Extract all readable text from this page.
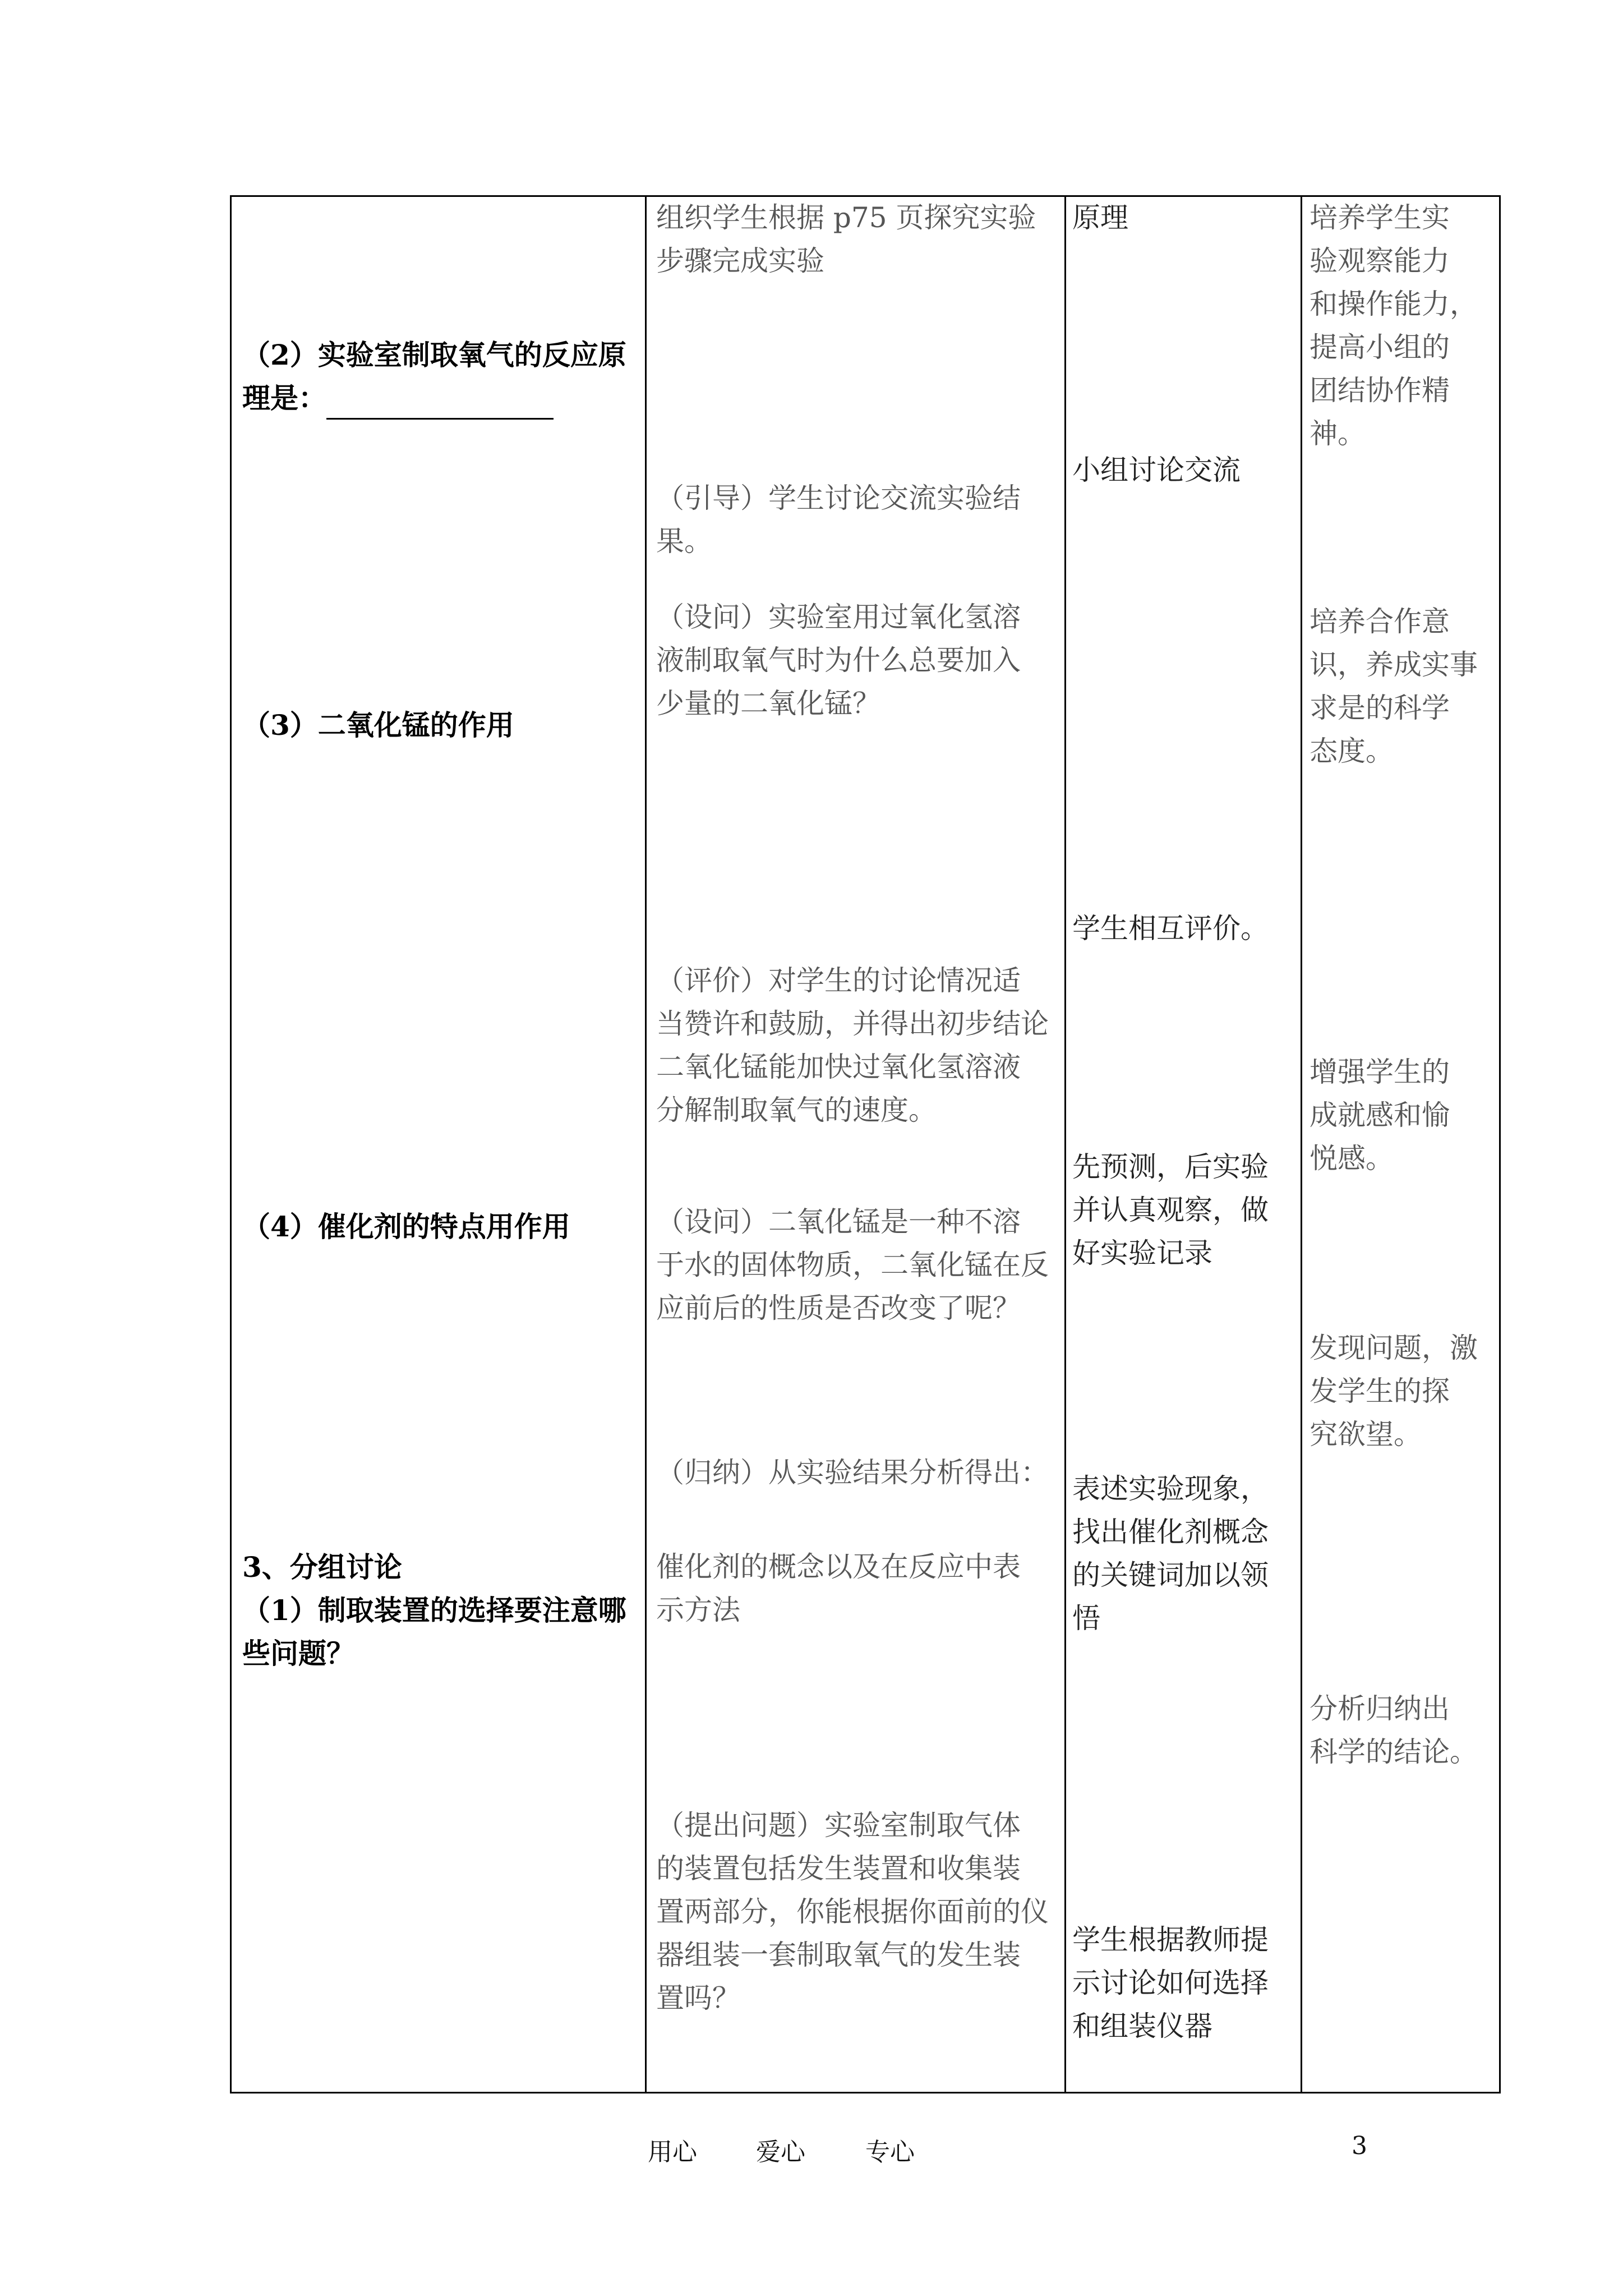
（2）实验室制取氧气的反应原
理是：
（3）二氧化锰的作用
（4）催化剂的特点用作用
3、分组讨论
（1）制取装置的选择要注意哪
些问题？
组织学生根据 p75 页探究实验
步骤完成实验
（引导）学生讨论交流实验结
果。
（设问）实验室用过氧化氢溶
液制取氧气时为什么总要加入
少量的二氧化锰？
（评价）对学生的讨论情况适
当赞许和鼓励，并得出初步结论
二氧化锰能加快过氧化氢溶液
分解制取氧气的速度。
（设问）二氧化锰是一种不溶
于水的固体物质，二氧化锰在反
应前后的性质是否改变了呢？
（归纳）从实验结果分析得出：
催化剂的概念以及在反应中表
示方法
（提出问题）实验室制取气体
的装置包括发生装置和收集装
置两部分，你能根据你面前的仪
器组装一套制取氧气的发生装
置吗？
原理
小组讨论交流
学生相互评价。
先预测，后实验
并认真观察，做
好实验记录
表述实验现象，
找出催化剂概念
的关键词加以领
悟
学生根据教师提
示讨论如何选择
和组装仪器
培养学生实
验观察能力
和操作能力，
提高小组的
团结协作精
神。
培养合作意
识，养成实事
求是的科学
态度。
增强学生的
成就感和愉
悦感。
发现问题，激
发学生的探
究欲望。
分析归纳出
科学的结论。
用心 爱心 专心	3
